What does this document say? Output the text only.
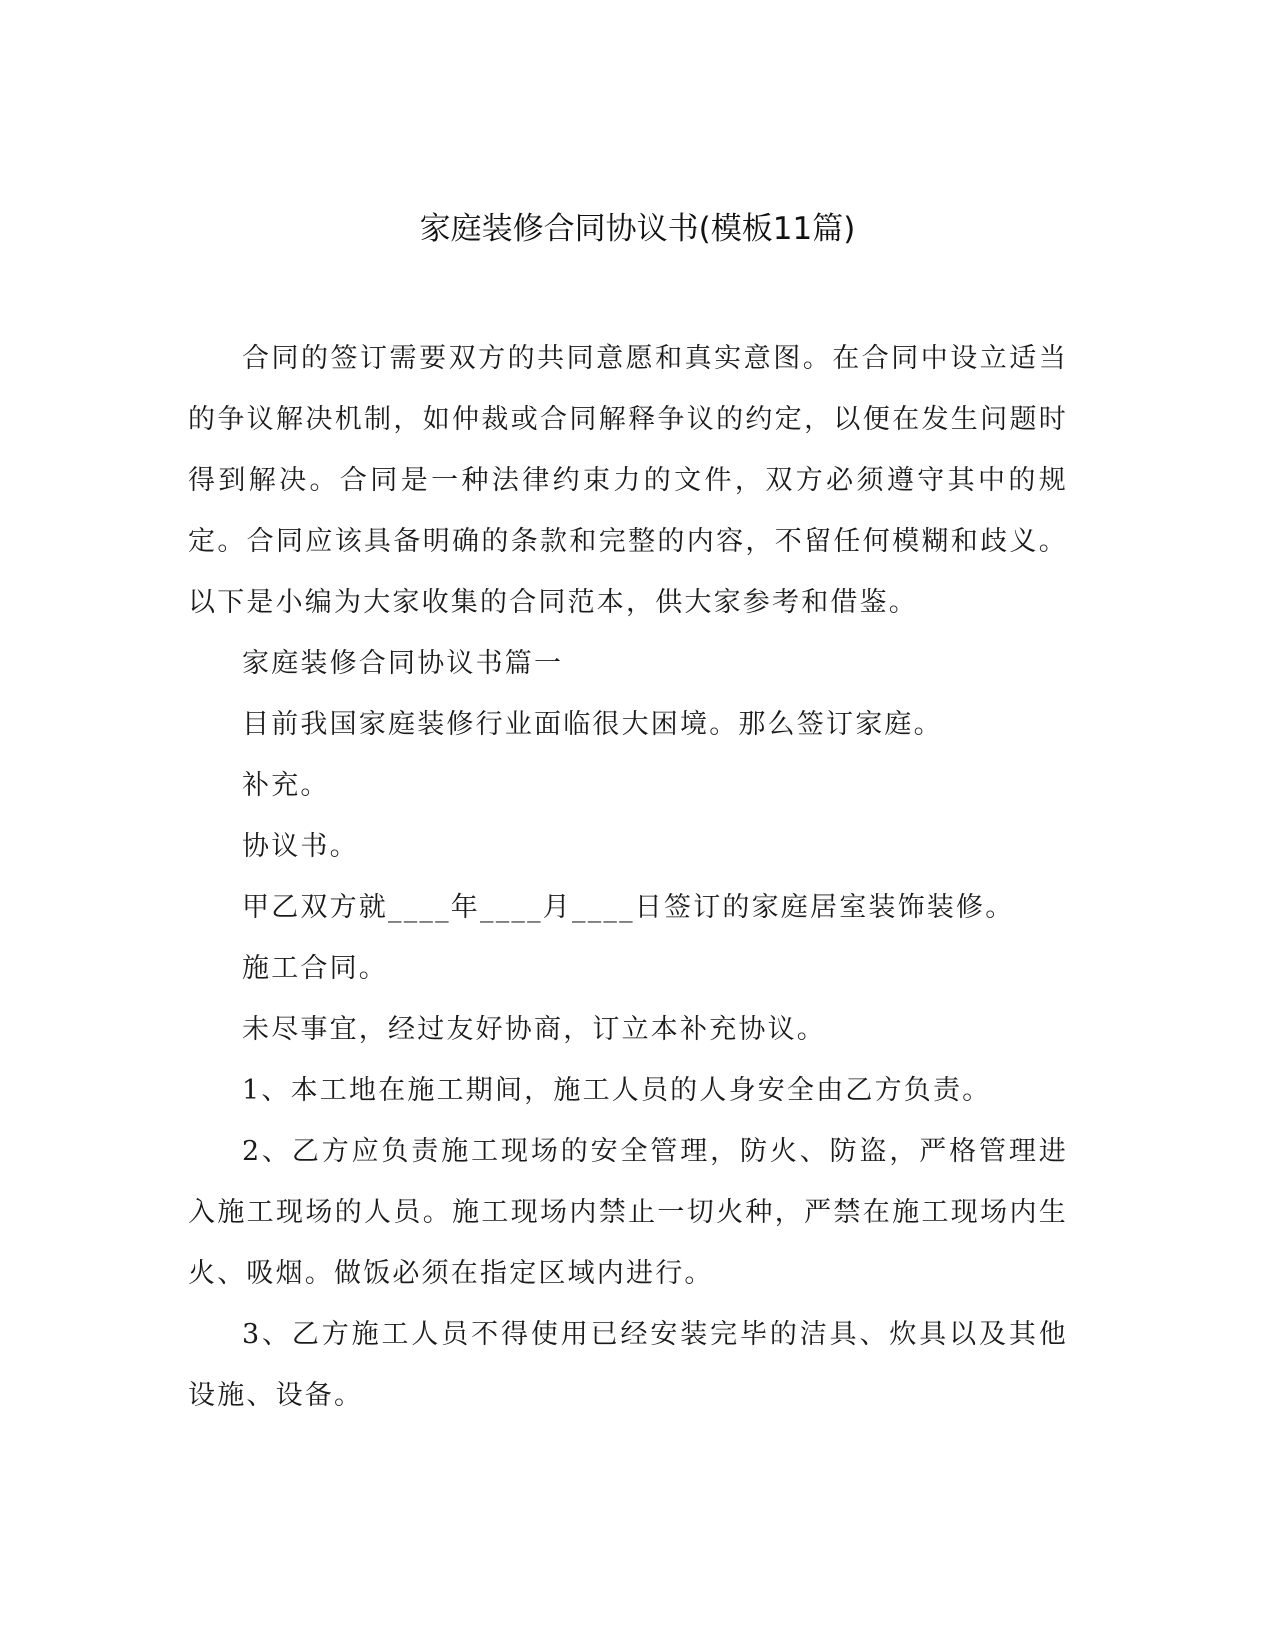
家庭装修合同协议书(模板11篇)

合同的签订需要双方的共同意愿和真实意图。在合同中设立适当的争议解决机制，如仲裁或合同解释争议的约定，以便在发生问题时得到解决。合同是一种法律约束力的文件，双方必须遵守其中的规定。合同应该具备明确的条款和完整的内容，不留任何模糊和歧义。以下是小编为大家收集的合同范本，供大家参考和借鉴。

家庭装修合同协议书篇一

目前我国家庭装修行业面临很大困境。那么签订家庭。

补充。

协议书。

甲乙双方就____年____月____日签订的家庭居室装饰装修。

施工合同。

未尽事宜，经过友好协商，订立本补充协议。

1、本工地在施工期间，施工人员的人身安全由乙方负责。

2、乙方应负责施工现场的安全管理，防火、防盗，严格管理进入施工现场的人员。施工现场内禁止一切火种，严禁在施工现场内生火、吸烟。做饭必须在指定区域内进行。

3、乙方施工人员不得使用已经安装完毕的洁具、炊具以及其他设施、设备。
